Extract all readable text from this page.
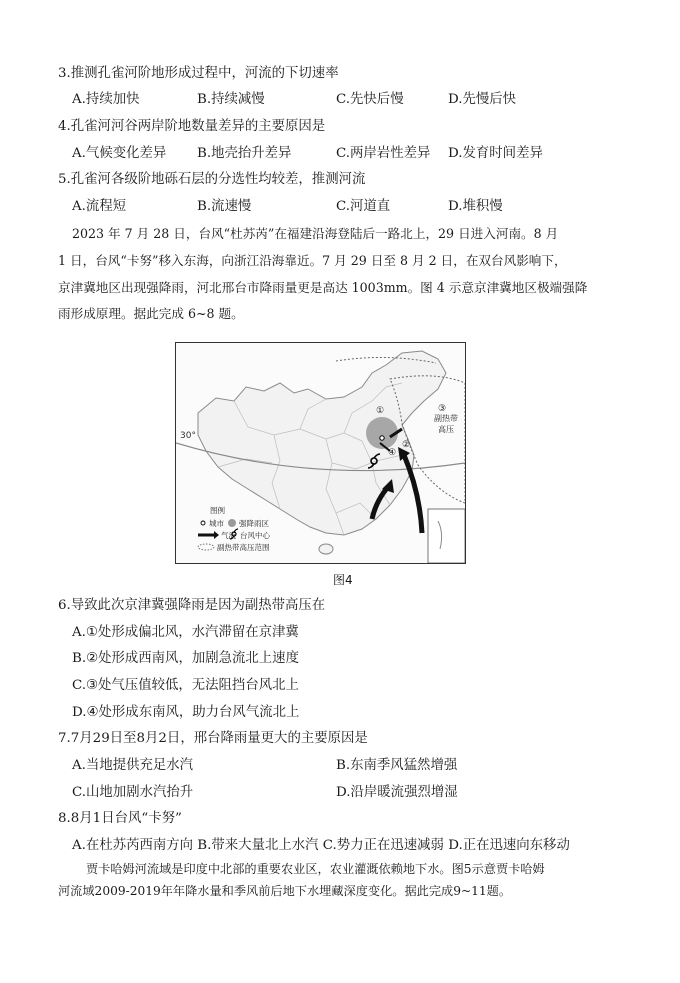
3.推测孔雀河阶地形成过程中，河流的下切速率
A.持续加快	B.持续减慢	C.先快后慢	D.先慢后快
4.孔雀河河谷两岸阶地数量差异的主要原因是
A.气候变化差异 B.地壳抬升差异	C.两岸岩性差异 D.发育时间差异
5.孔雀河各级阶地砾石层的分选性均较差，推测河流
A.流程短	B.流速慢	C.河道直	D.堆积慢
2023 年 7 月 28 日，台风“杜苏芮”在福建沿海登陆后一路北上，29 日进入河南。8 月
1 日，台风“卡努”移入东海，向浙江沿海靠近。7 月 29 日至 8 月 2 日，在双台风影响下，
京津冀地区出现强降雨，河北邢台市降雨量更是高达 1003mm。图 4 示意京津冀地区极端强降
雨形成原理。据此完成 6~8 题。
30°
副热带
高压
①
②
③
④
图例
城市 强降雨区
气流 台风中心
副热带高压范围
图4
6.导致此次京津冀强降雨是因为副热带高压在
A.①处形成偏北风，水汽滞留在京津冀
B.②处形成西南风，加剧急流北上速度
C.③处气压值较低，无法阻挡台风北上
D.④处形成东南风，助力台风气流北上
7.7月29日至8月2日，邢台降雨量更大的主要原因是
A.当地提供充足水汽	B.东南季风猛然增强
C.山地加剧水汽抬升	D.沿岸暖流强烈增湿
8.8月1日台风“卡努”
A.在杜苏芮西南方向 B.带来大量北上水汽 C.势力正在迅速减弱 D.正在迅速向东移动
贾卡哈姆河流域是印度中北部的重要农业区，农业灌溉依赖地下水。图5示意贾卡哈姆
河流域2009-2019年年降水量和季风前后地下水埋藏深度变化。据此完成9~11题。
